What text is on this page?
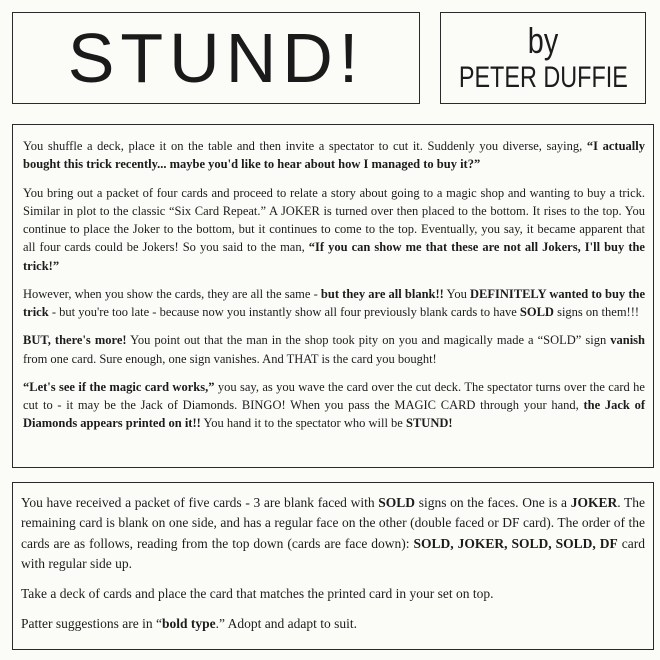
STUND!	by
PETER DUFFIE

You shuffle a deck, place it on the table and then invite a spectator to cut it. Suddenly you diverse, saying, “I actually bought this trick recently... maybe you'd like to hear about how I managed to buy it?”

You bring out a packet of four cards and proceed to relate a story about going to a magic shop and wanting to buy a trick. Similar in plot to the classic “Six Card Repeat.” A JOKER is turned over then placed to the bottom. It rises to the top. You continue to place the Joker to the bottom, but it continues to come to the top. Eventually, you say, it became apparent that all four cards could be Jokers! So you said to the man, “If you can show me that these are not all Jokers, I'll buy the trick!”

However, when you show the cards, they are all the same - but they are all blank!! You DEFINITELY wanted to buy the trick - but you're too late - because now you instantly show all four previously blank cards to have SOLD signs on them!!!

BUT, there's more! You point out that the man in the shop took pity on you and magically made a “SOLD” sign vanish from one card. Sure enough, one sign vanishes. And THAT is the card you bought!

“Let's see if the magic card works,” you say, as you wave the card over the cut deck. The spectator turns over the card he cut to - it may be the Jack of Diamonds. BINGO! When you pass the MAGIC CARD through your hand, the Jack of Diamonds appears printed on it!! You hand it to the spectator who will be STUND!

You have received a packet of five cards - 3 are blank faced with SOLD signs on the faces. One is a JOKER. The remaining card is blank on one side, and has a regular face on the other (double faced or DF card). The order of the cards are as follows, reading from the top down (cards are face down): SOLD, JOKER, SOLD, SOLD, DF card with regular side up.

Take a deck of cards and place the card that matches the printed card in your set on top.

Patter suggestions are in “bold type.” Adopt and adapt to suit.
